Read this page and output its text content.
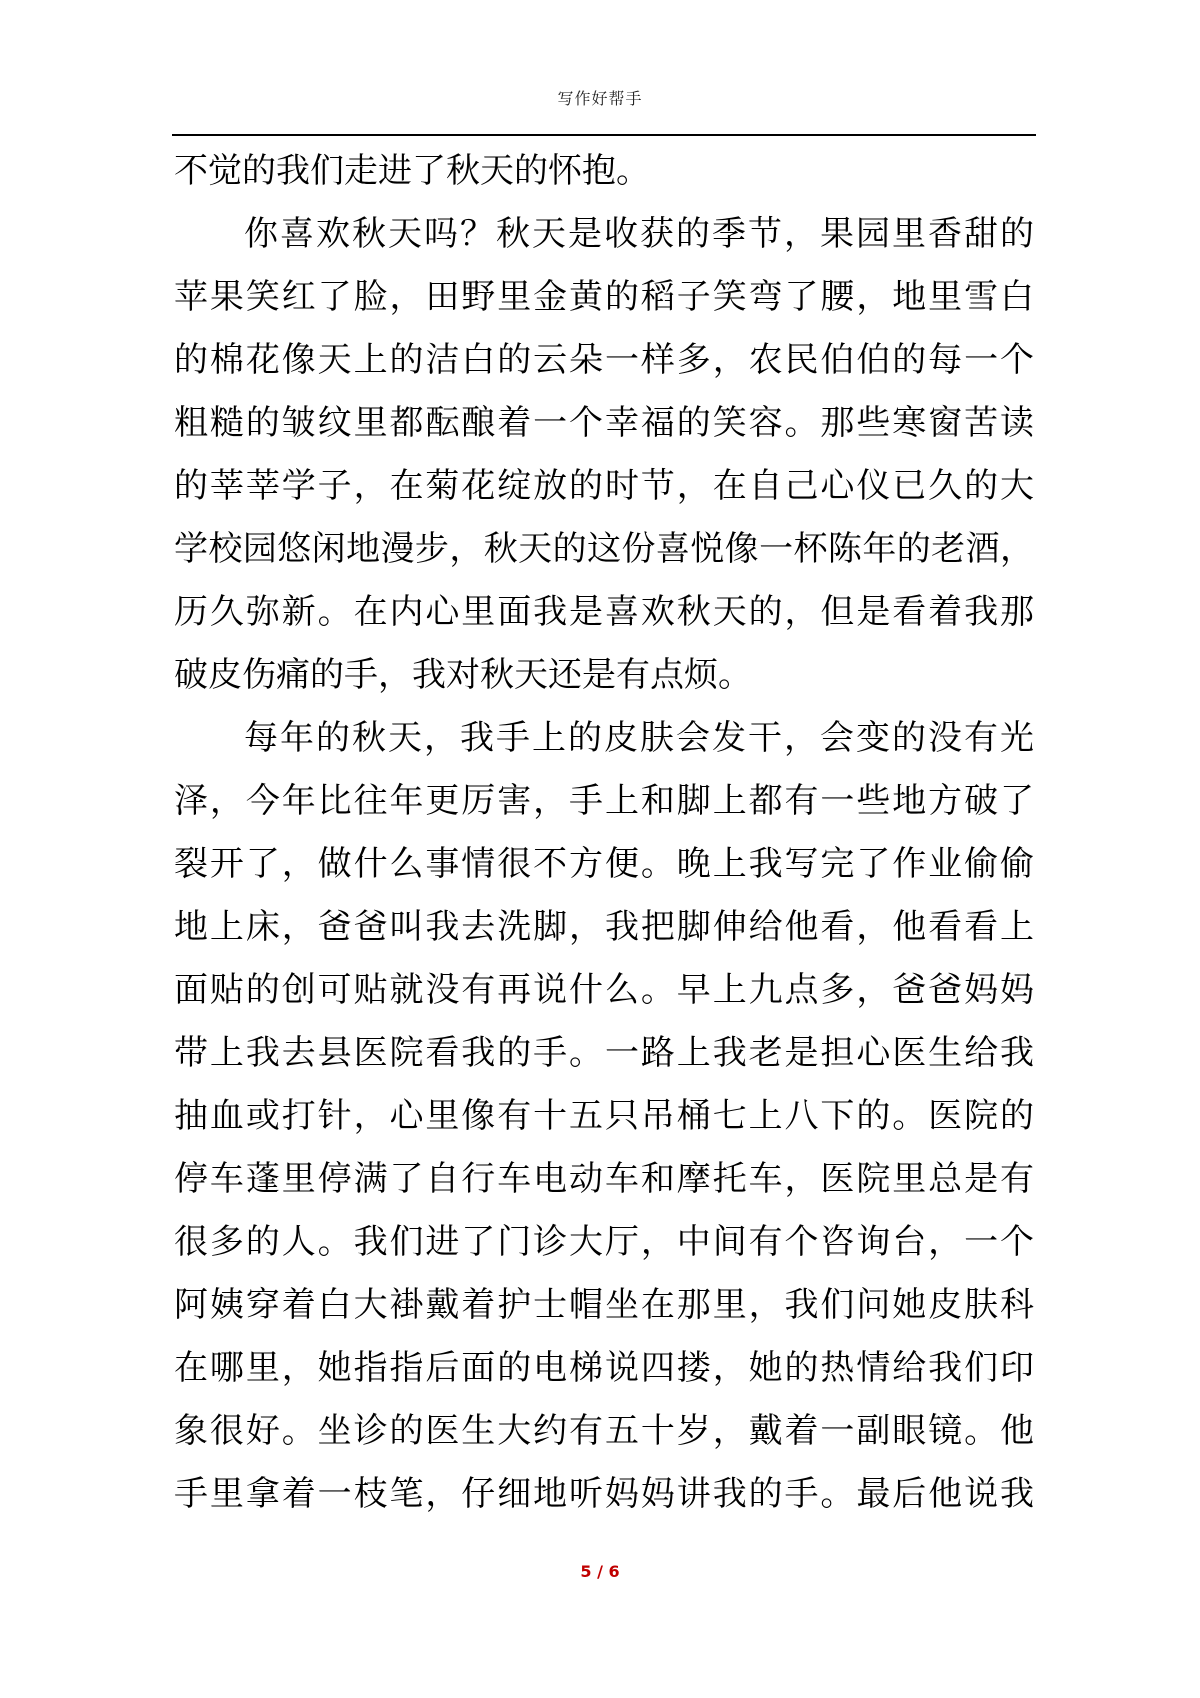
写作好帮手
不觉的我们走进了秋天的怀抱。
你喜欢秋天吗？秋天是收获的季节，果园里香甜的
苹果笑红了脸，田野里金黄的稻子笑弯了腰，地里雪白
的棉花像天上的洁白的云朵一样多，农民伯伯的每一个
粗糙的皱纹里都酝酿着一个幸福的笑容。那些寒窗苦读
的莘莘学子，在菊花绽放的时节，在自己心仪已久的大
学校园悠闲地漫步，秋天的这份喜悦像一杯陈年的老酒，
历久弥新。在内心里面我是喜欢秋天的，但是看着我那
破皮伤痛的手，我对秋天还是有点烦。
每年的秋天，我手上的皮肤会发干，会变的没有光
泽，今年比往年更厉害，手上和脚上都有一些地方破了
裂开了，做什么事情很不方便。晚上我写完了作业偷偷
地上床，爸爸叫我去洗脚，我把脚伸给他看，他看看上
面贴的创可贴就没有再说什么。早上九点多，爸爸妈妈
带上我去县医院看我的手。一路上我老是担心医生给我
抽血或打针，心里像有十五只吊桶七上八下的。医院的
停车蓬里停满了自行车电动车和摩托车，医院里总是有
很多的人。我们进了门诊大厅，中间有个咨询台，一个
阿姨穿着白大褂戴着护士帽坐在那里，我们问她皮肤科
在哪里，她指指后面的电梯说四搂，她的热情给我们印
象很好。坐诊的医生大约有五十岁，戴着一副眼镜。他
手里拿着一枝笔，仔细地听妈妈讲我的手。最后他说我
5 / 6
